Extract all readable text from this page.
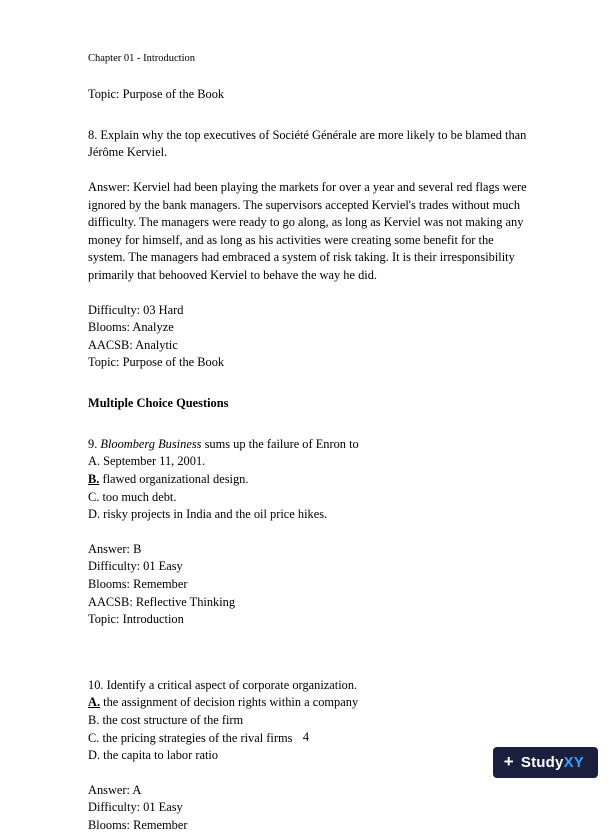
Chapter 01 - Introduction
Topic: Purpose of the Book
8. Explain why the top executives of Société Générale are more likely to be blamed than Jérôme Kerviel.
Answer: Kerviel had been playing the markets for over a year and several red flags were ignored by the bank managers. The supervisors accepted Kerviel's trades without much difficulty. The managers were ready to go along, as long as Kerviel was not making any money for himself, and as long as his activities were creating some benefit for the system. The managers had embraced a system of risk taking. It is their irresponsibility primarily that behooved Kerviel to behave the way he did.
Difficulty: 03 Hard
Blooms: Analyze
AACSB: Analytic
Topic: Purpose of the Book
Multiple Choice Questions
9. Bloomberg Business sums up the failure of Enron to
A. September 11, 2001.
B. flawed organizational design.
C. too much debt.
D. risky projects in India and the oil price hikes.
Answer: B
Difficulty: 01 Easy
Blooms: Remember
AACSB: Reflective Thinking
Topic: Introduction
10. Identify a critical aspect of corporate organization.
A. the assignment of decision rights within a company
B. the cost structure of the firm
C. the pricing strategies of the rival firms
D. the capita to labor ratio
Answer: A
Difficulty: 01 Easy
Blooms: Remember
4
+ StudyXY
